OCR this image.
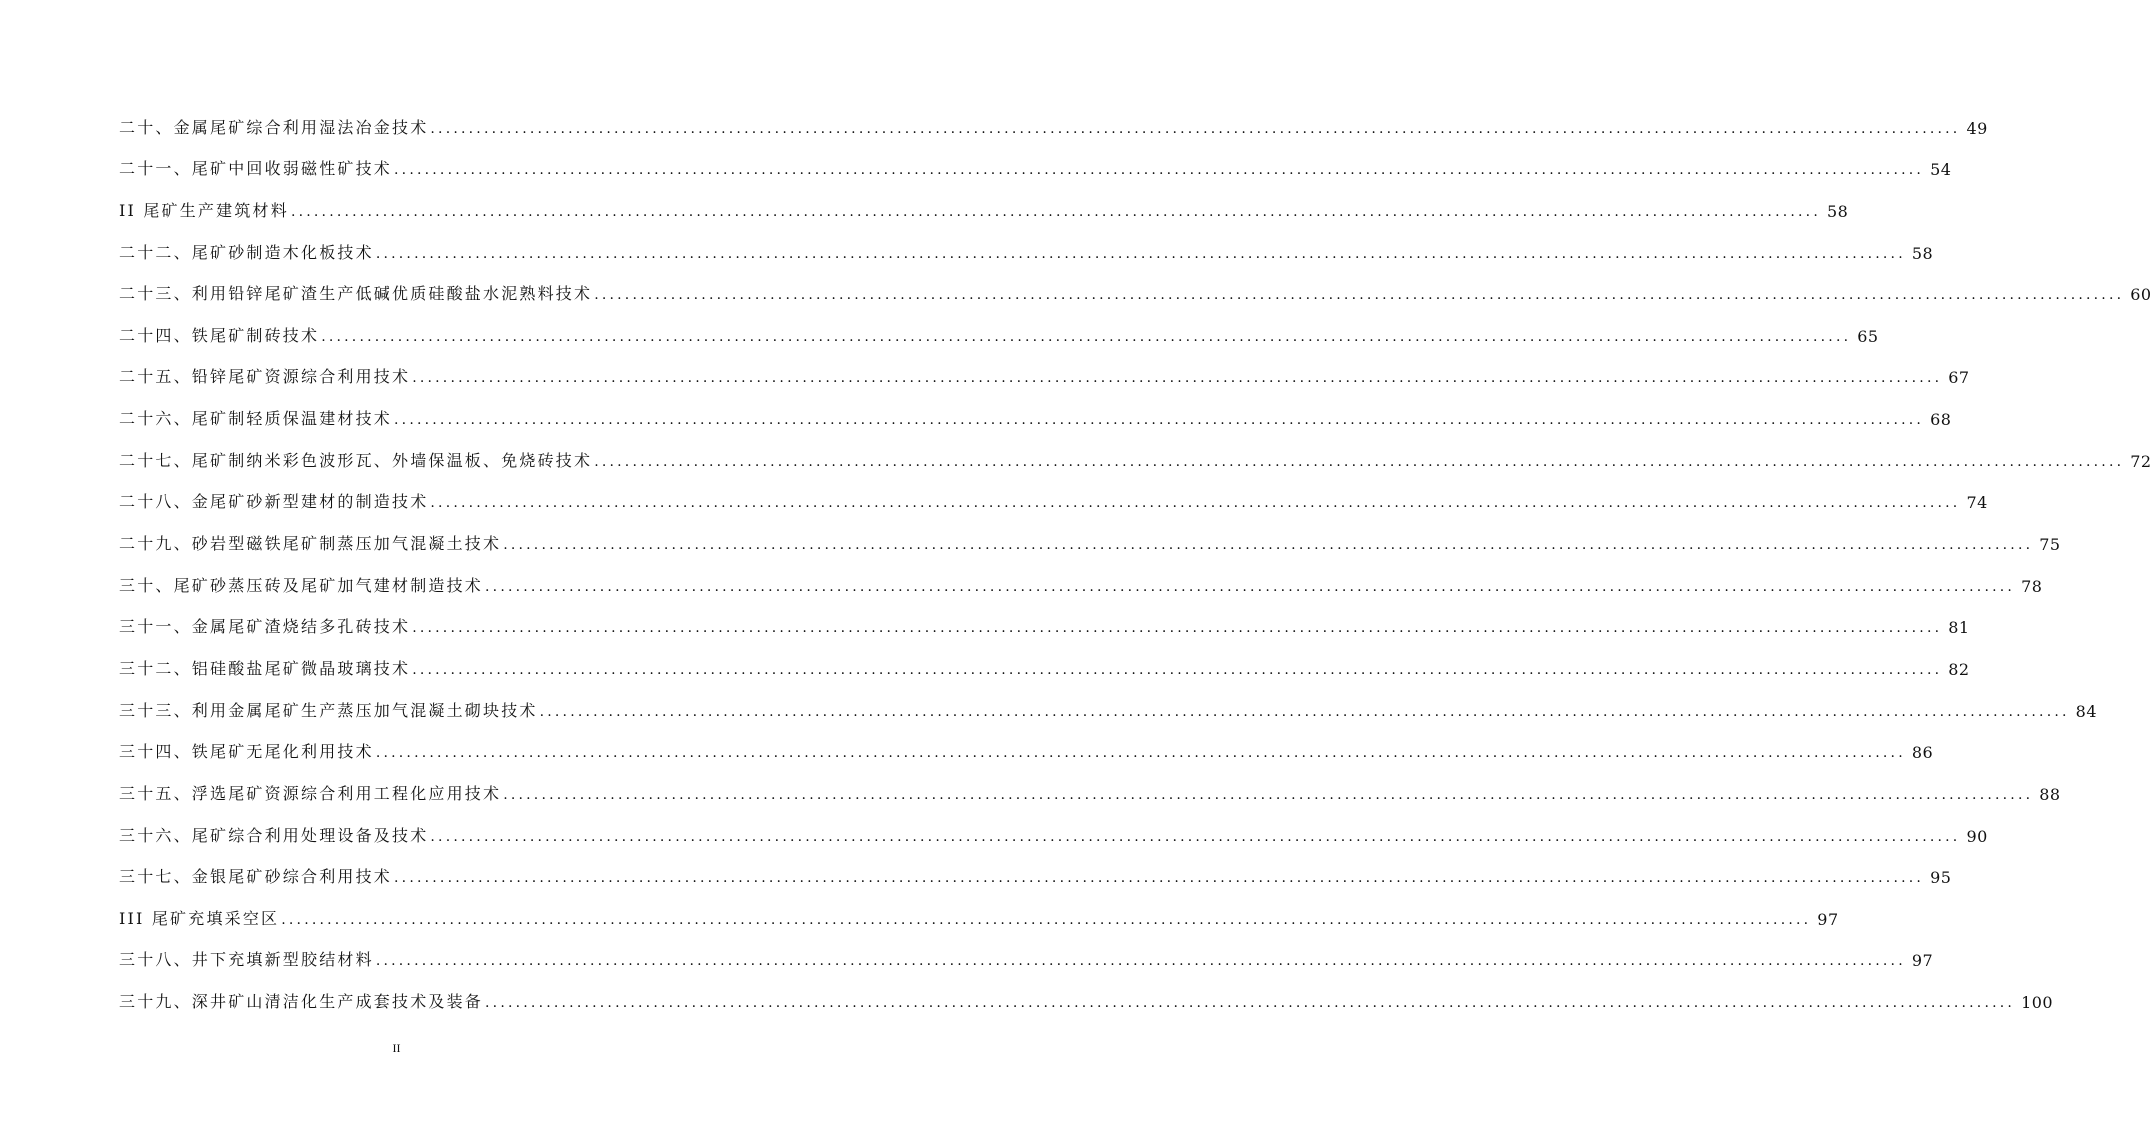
二十、金属尾矿综合利用湿法冶金技术 ........................................................................................................................................................................................................ 49
二十一、尾矿中回收弱磁性矿技术 ........................................................................................................................................................................................................ 54
II 尾矿生产建筑材料 ........................................................................................................................................................................................................ 58
二十二、尾矿砂制造木化板技术 ........................................................................................................................................................................................................ 58
二十三、利用铅锌尾矿渣生产低碱优质硅酸盐水泥熟料技术 ........................................................................................................................................................................................................ 60
二十四、铁尾矿制砖技术 ........................................................................................................................................................................................................ 65
二十五、铅锌尾矿资源综合利用技术 ........................................................................................................................................................................................................ 67
二十六、尾矿制轻质保温建材技术 ........................................................................................................................................................................................................ 68
二十七、尾矿制纳米彩色波形瓦、外墙保温板、免烧砖技术 ........................................................................................................................................................................................................ 72
二十八、金尾矿砂新型建材的制造技术 ........................................................................................................................................................................................................ 74
二十九、砂岩型磁铁尾矿制蒸压加气混凝土技术 ........................................................................................................................................................................................................ 75
三十、尾矿砂蒸压砖及尾矿加气建材制造技术 ........................................................................................................................................................................................................ 78
三十一、金属尾矿渣烧结多孔砖技术 ........................................................................................................................................................................................................ 81
三十二、铝硅酸盐尾矿微晶玻璃技术 ........................................................................................................................................................................................................ 82
三十三、利用金属尾矿生产蒸压加气混凝土砌块技术 ........................................................................................................................................................................................................ 84
三十四、铁尾矿无尾化利用技术 ........................................................................................................................................................................................................ 86
三十五、浮选尾矿资源综合利用工程化应用技术 ........................................................................................................................................................................................................ 88
三十六、尾矿综合利用处理设备及技术 ........................................................................................................................................................................................................ 90
三十七、金银尾矿砂综合利用技术 ........................................................................................................................................................................................................ 95
III 尾矿充填采空区 ........................................................................................................................................................................................................ 97
三十八、井下充填新型胶结材料 ........................................................................................................................................................................................................ 97
三十九、深井矿山清洁化生产成套技术及装备 ........................................................................................................................................................................................................ 100
II
